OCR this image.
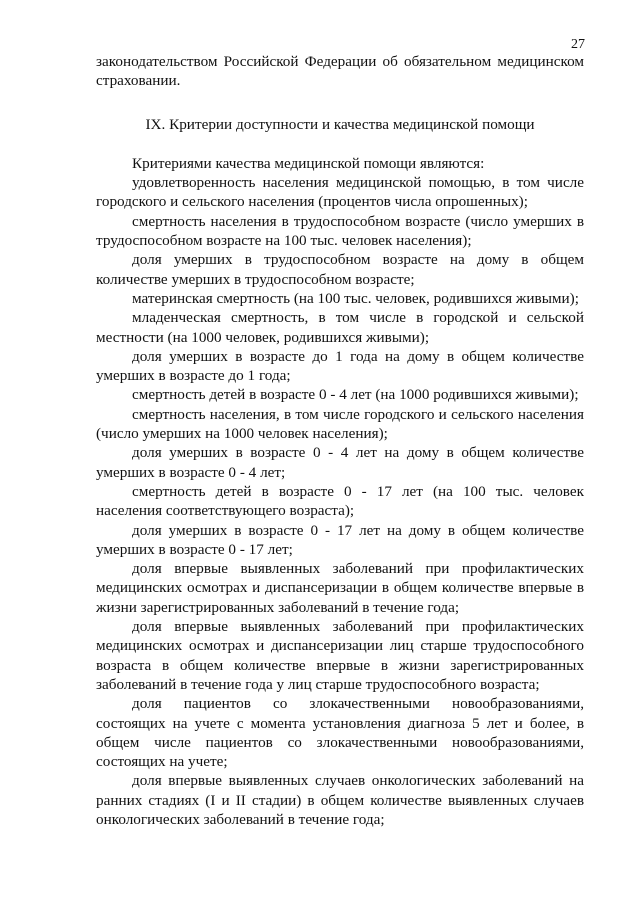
27

законодательством Российской Федерации об обязательном медицинском страховании.

IX. Критерии доступности и качества медицинской помощи

Критериями качества медицинской помощи являются:

удовлетворенность населения медицинской помощью, в том числе городского и сельского населения (процентов числа опрошенных);

смертность населения в трудоспособном возрасте (число умерших в трудоспособном возрасте на 100 тыс. человек населения);

доля умерших в трудоспособном возрасте на дому в общем количестве умерших в трудоспособном возрасте;

материнская смертность (на 100 тыс. человек, родившихся живыми);

младенческая смертность, в том числе в городской и сельской местности (на 1000 человек, родившихся живыми);

доля умерших в возрасте до 1 года на дому в общем количестве умерших в возрасте до 1 года;

смертность детей в возрасте 0 - 4 лет (на 1000 родившихся живыми);

смертность населения, в том числе городского и сельского населения (число умерших на 1000 человек населения);

доля умерших в возрасте 0 - 4 лет на дому в общем количестве умерших в возрасте 0 - 4 лет;

смертность детей в возрасте 0 - 17 лет (на 100 тыс. человек населения соответствующего возраста);

доля умерших в возрасте 0 - 17 лет на дому в общем количестве умерших в возрасте 0 - 17 лет;

доля впервые выявленных заболеваний при профилактических медицинских осмотрах и диспансеризации в общем количестве впервые в жизни зарегистрированных заболеваний в течение года;

доля впервые выявленных заболеваний при профилактических медицинских осмотрах и диспансеризации лиц старше трудоспособного возраста в общем количестве впервые в жизни зарегистрированных заболеваний в течение года у лиц старше трудоспособного возраста;

доля пациентов со злокачественными новообразованиями, состоящих на учете с момента установления диагноза 5 лет и более, в общем числе пациентов со злокачественными новообразованиями, состоящих на учете;

доля впервые выявленных случаев онкологических заболеваний на ранних стадиях (I и II стадии) в общем количестве выявленных случаев онкологических заболеваний в течение года;
